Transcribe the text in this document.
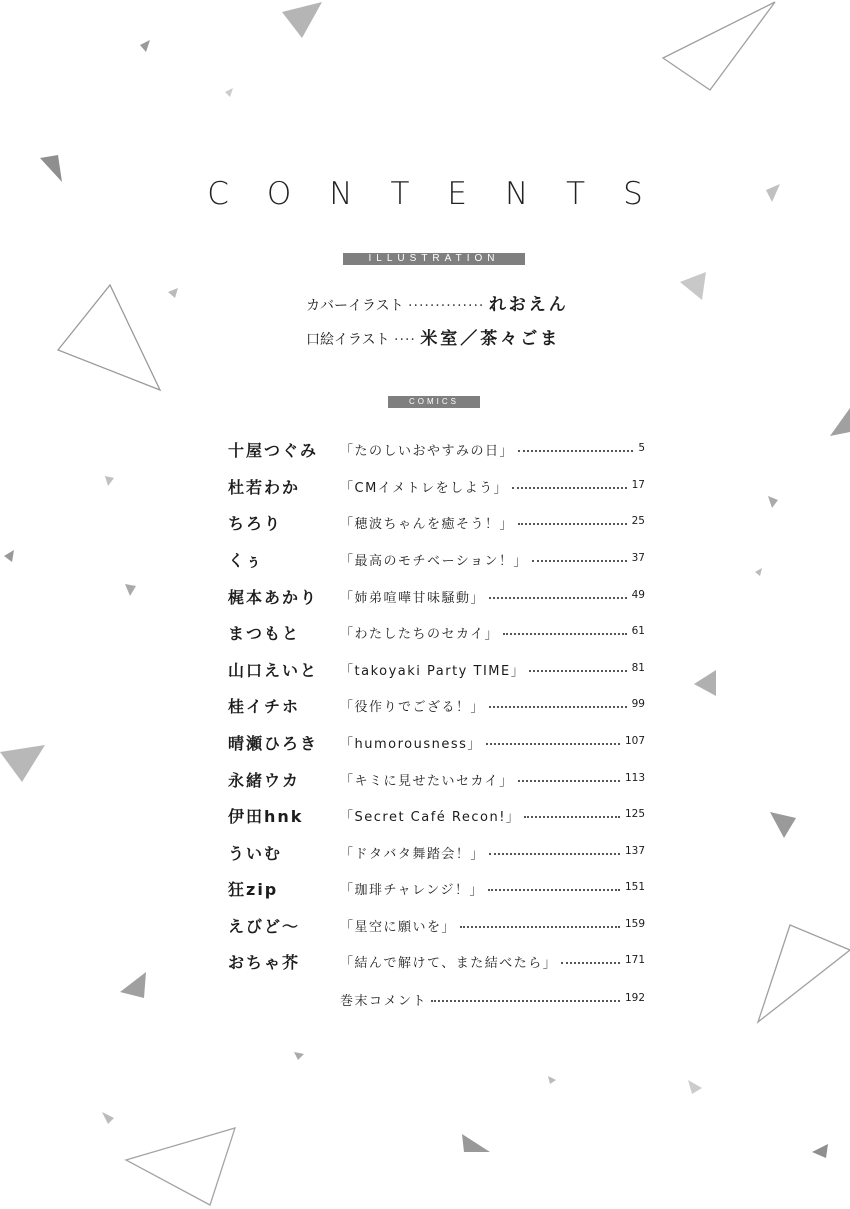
CONTENTS
ILLUSTRATION
カバーイラスト ·············· れおえん
口絵イラスト ···· 米室／茶々ごま
COMICS
十屋つぐみ 「たのしいおやすみの日」	5
杜若わか	「CMイメトレをしよう」	17
ちろり	「穂波ちゃんを癒そう！」	25
くぅ	「最高のモチベーション！」	37
梶本あかり 「姉弟喧嘩甘味騒動」	49
まつもと	「わたしたちのセカイ」	61
山口えいと 「takoyaki Party TIME」	81
桂イチホ	「役作りでござる！」	99
晴瀬ひろき 「humorousness」	107
永緒ウカ	「キミに見せたいセカイ」	113
伊田hnk	「Secret Café Recon!」	125
ういむ	「ドタバタ舞踏会！」	137
狂zip	「珈琲チャレンジ！」	151
えびど～	「星空に願いを」	159
おちゃ芥	「結んで解けて、また結べたら」	171
巻末コメント	192
